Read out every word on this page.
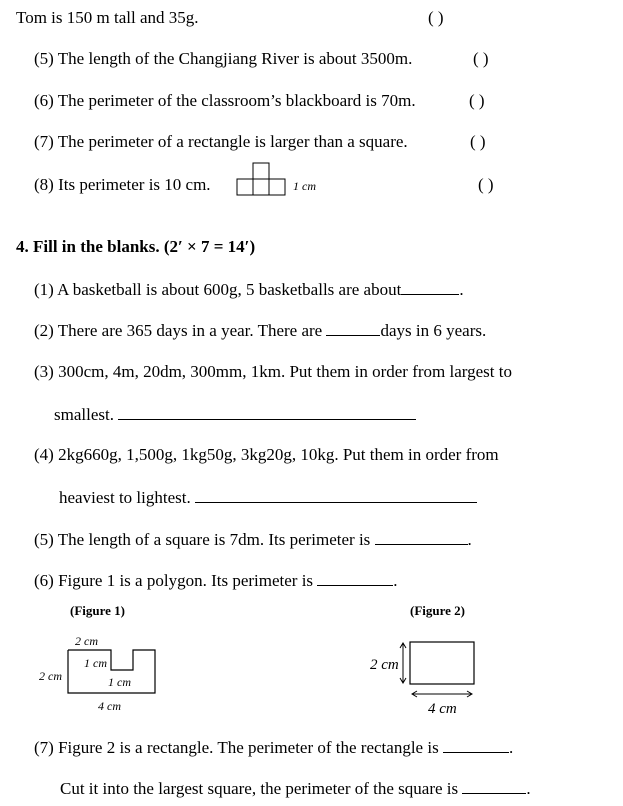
Tom is 150 m tall and 35g.	( )
(5) The length of the Changjiang River is about 3500m.	( )
(6) The perimeter of the classroom’s blackboard is 70m.	( )
(7) The perimeter of a rectangle is larger than a square.	( )
(8) Its perimeter is 10 cm.	1 cm	( )
4. Fill in the blanks. (2′ × 7 = 14′)
(1) A basketball is about 600g, 5 basketballs are about	.
(2) There are 365 days in a year. There are	days in 6 years.
(3) 300cm, 4m, 20dm, 300mm, 1km. Put them in order from largest to
smallest.
(4) 2kg660g, 1,500g, 1kg50g, 3kg20g, 10kg. Put them in order from
heaviest to lightest.
(5) The length of a square is 7dm. Its perimeter is	.
(6) Figure 1 is a polygon. Its perimeter is	.
(Figure 1)
2 cm
2 cm
1 cm
1 cm
4 cm
(Figure 2)
2 cm
4 cm
(7) Figure 2 is a rectangle. The perimeter of the rectangle is	.
Cut it into the largest square, the perimeter of the square is	.
